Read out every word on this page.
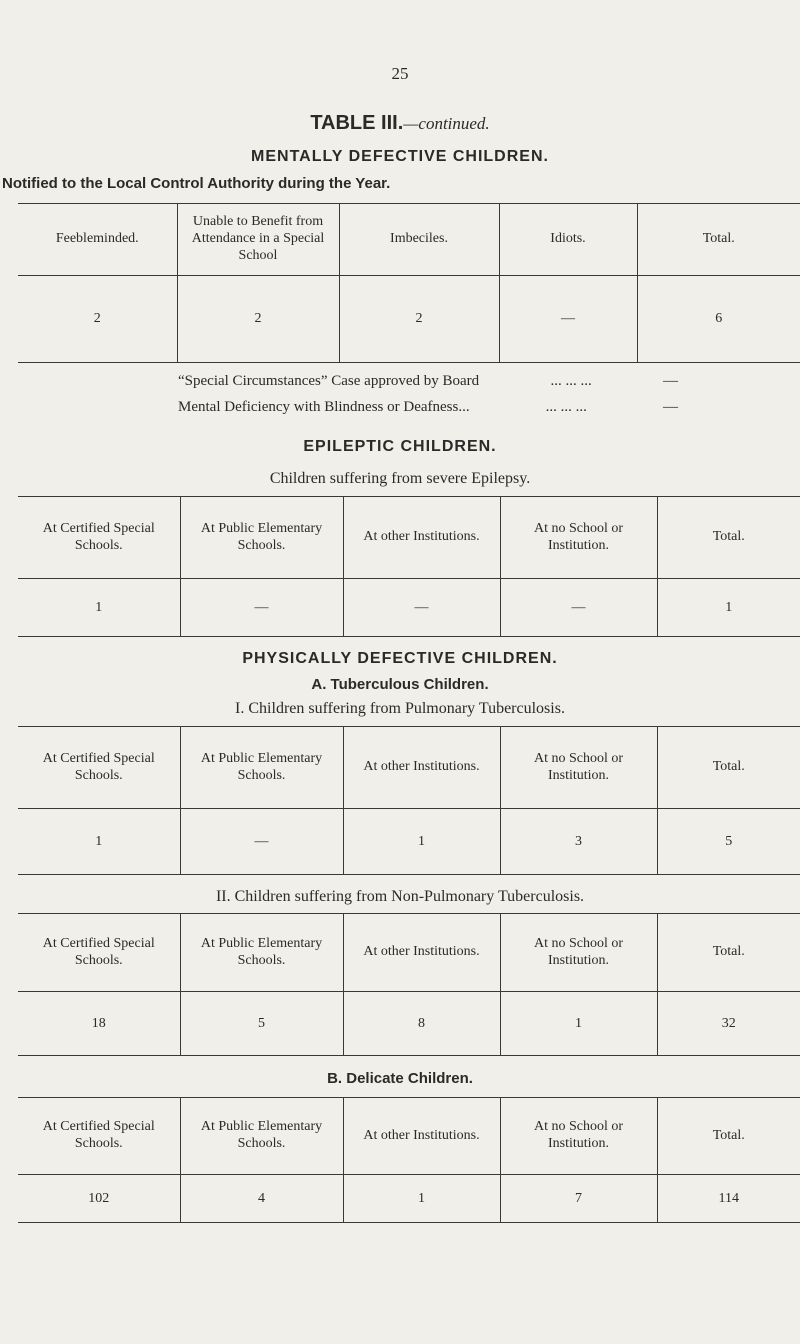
25
TABLE III.—continued.
MENTALLY DEFECTIVE CHILDREN.
Notified to the Local Control Authority during the Year.
Feebleminded.	Unable to Benefit from Attendance in a Special School	Imbeciles.	Idiots.	Total.
2	2	2	—	6
“Special Circumstances” Case approved by Board	... ... ...	—
Mental Deficiency with Blindness or Deafness...	... ... ...	—
EPILEPTIC CHILDREN.
Children suffering from severe Epilepsy.
At Certified Special Schools.	At Public Elementary Schools.	At other Institutions.	At no School or Institution.	Total.
1	—	—	—	1
PHYSICALLY DEFECTIVE CHILDREN.
A. Tuberculous Children.
I. Children suffering from Pulmonary Tuberculosis.
At Certified Special Schools.	At Public Elementary Schools.	At other Institutions.	At no School or Institution.	Total.
1	—	1	3	5
II. Children suffering from Non-Pulmonary Tuberculosis.
At Certified Special Schools.	At Public Elementary Schools.	At other Institutions.	At no School or Institution.	Total.
18	5	8	1	32
B. Delicate Children.
At Certified Special Schools.	At Public Elementary Schools.	At other Institutions.	At no School or Institution.	Total.
102	4	1	7	114
